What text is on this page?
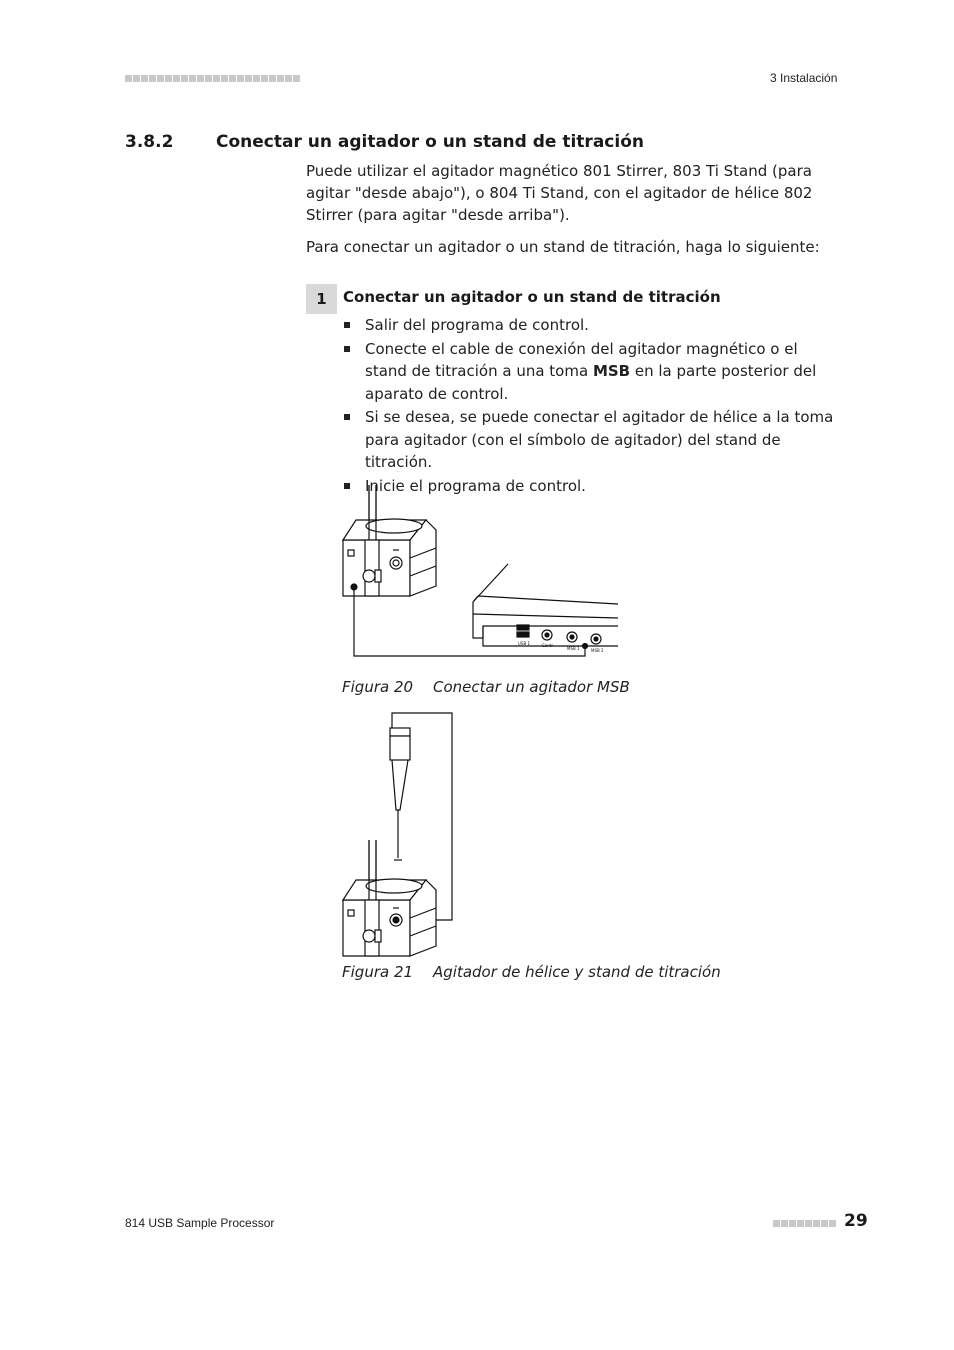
3 Instalación
3.8.2	Conectar un agitador o un stand de titración
Puede utilizar el agitador magnético 801 Stirrer, 803 Ti Stand (para agitar "desde abajo"), o 804 Ti Stand, con el agitador de hélice 802 Stirrer (para agitar "desde arriba").
Para conectar un agitador o un stand de titración, haga lo siguiente:
1	Conectar un agitador o un stand de titración
Salir del programa de control.
Conecte el cable de conexión del agitador magnético o el stand de titración a una toma MSB en la parte posterior del aparato de control.
Si se desea, se puede conectar el agitador de hélice a la toma para agitador (con el símbolo de agitador) del stand de titración.
Inicie el programa de control.
USB 1	Contr
MSB 1	MSB 2
Figura 20 Conectar un agitador MSB
Figura 21 Agitador de hélice y stand de titración
814 USB Sample Processor	29
